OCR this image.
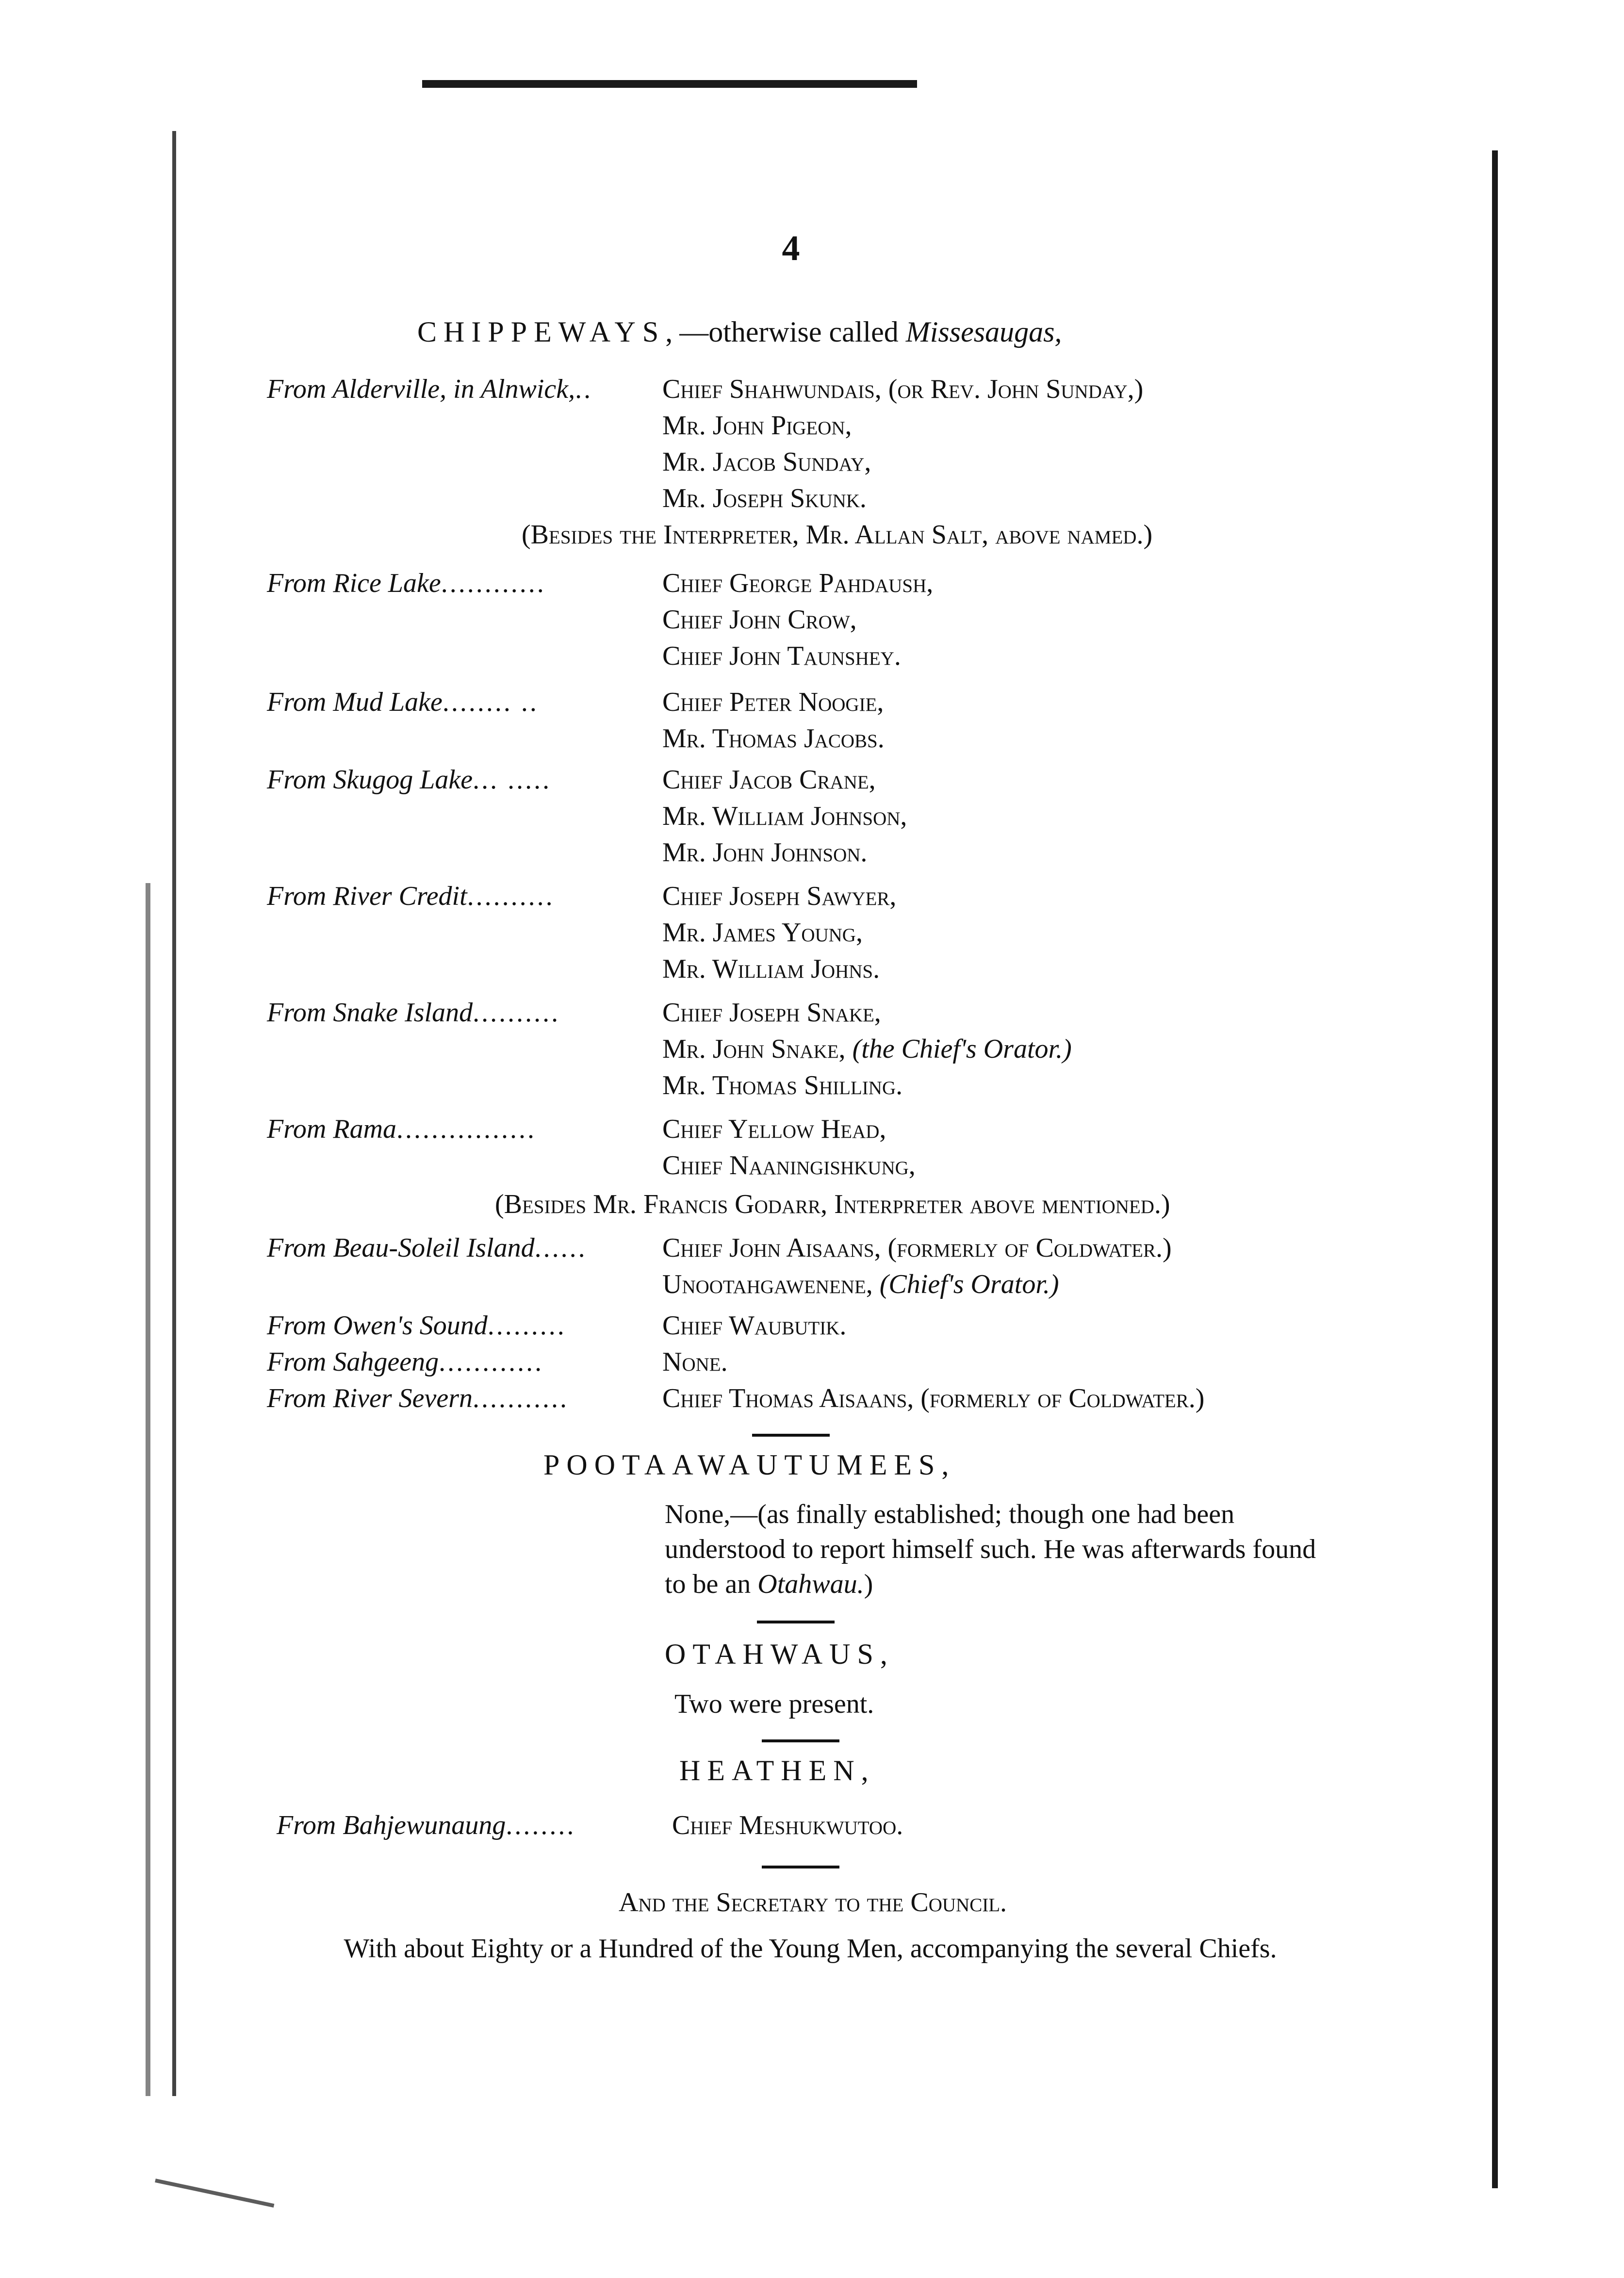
4
CHIPPEWAYS,—otherwise called Missesaugas,
From Alderville, in Alnwick,..	Chief Shahwundais, (or Rev. John Sunday,)
Mr. John Pigeon,
Mr. Jacob Sunday,
Mr. Joseph Skunk.
(Besides the Interpreter, Mr. Allan Salt, above named.)
From Rice Lake............	Chief George Pahdaush,
Chief John Crow,
Chief John Taunshey.
From Mud Lake........ ..	Chief Peter Noogie,
Mr. Thomas Jacobs.
From Skugog Lake... .....	Chief Jacob Crane,
Mr. William Johnson,
Mr. John Johnson.
From River Credit..........	Chief Joseph Sawyer,
Mr. James Young,
Mr. William Johns.
From Snake Island..........	Chief Joseph Snake,
Mr. John Snake, (the Chief's Orator.)
Mr. Thomas Shilling.
From Rama................	Chief Yellow Head,
Chief Naaningishkung,
(Besides Mr. Francis Godarr, Interpreter above mentioned.)
From Beau-Soleil Island......	Chief John Aisaans, (formerly of Coldwater.)
Unootahgawenene, (Chief's Orator.)
From Owen's Sound.........	Chief Waubutik.
From Sahgeeng............	None.
From River Severn...........	Chief Thomas Aisaans, (formerly of Coldwater.)
POOTAAWAUTUMEES,
None,—(as finally established; though one had been understood to report himself such. He was afterwards found to be an Otahwau.)
OTAHWAUS,
Two were present.
HEATHEN,
From Bahjewunaung........	Chief Meshukwutoo.
And the Secretary to the Council.
With about Eighty or a Hundred of the Young Men, accompanying the several Chiefs.
